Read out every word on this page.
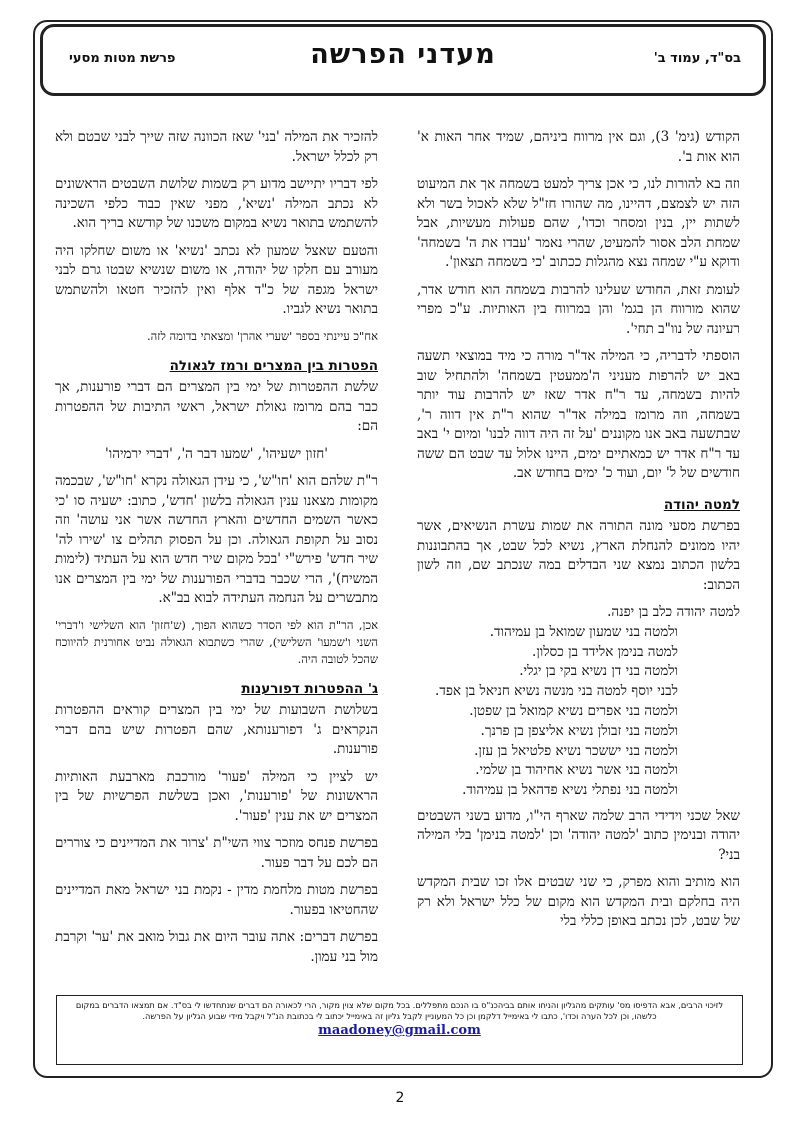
בס"ד, עמוד ב'
מעדני הפרשה
פרשת מטות מסעי

הקודש (גימ' 3), וגם אין מרווח ביניהם, שמיד אחר האות א' הוא אות ב'.

וזה בא להורות לנו, כי אכן צריך למעט בשמחה אך את המיעוט הזה יש לצמצם, דהיינו, מה שהורו חז"ל שלא לאכול בשר ולא לשתות יין, בנין ומסחר וכדו', שהם פעולות מעשיות, אבל שמחת הלב אסור להמעיט, שהרי נאמר 'עבדו את ה' בשמחה' ודוקא ע"י שמחה נצא מהגלות ככתוב 'כי בשמחה תצאון'.

לעומת זאת, החודש שעלינו להרבות בשמחה הוא חודש אדר, שהוא מורווח הן בגמ' והן במרווח בין האותיות. ע"כ מפרי רעיונה של נוו"ב תחי'.

הוספתי לדבריה, כי המילה אד"ר מורה כי מיד במוצאי תשעה באב יש להרפות מעניני ה'ממעטין בשמחה' ולהתחיל שוב להיות בשמחה, עד ר"ח אדר שאז יש להרבות עוד יותר בשמחה, וזה מרומז במילה אד"ר שהוא ר"ת אין דווה ר', שבתשעה באב אנו מקוננים 'על זה היה דווה לבנו' ומיום י' באב עד ר"ח אדר יש כמאתיים ימים, היינו אלול עד שבט הם ששה חודשים של ל' יום, ועוד כ' ימים בחודש אב.

למטה יהודה

בפרשת מסעי מונה התורה את שמות עשרת הנשיאים, אשר יהיו ממונים להנחלת הארץ, נשיא לכל שבט, אך בהתבוננות בלשון הכתוב נמצא שני הבדלים במה שנכתב שם, וזה לשון הכתוב:

למטה יהודה כלב בן יפנה.
ולמטה בני שמעון שמואל בן עמיהוד.
למטה בנימן אלידד בן כסלון.
ולמטה בני דן נשיא בקי בן יגלי.
לבני יוסף למטה בני מנשה נשיא חניאל בן אפד.
ולמטה בני אפרים נשיא קמואל בן שפטן.
ולמטה בני זבולן נשיא אליצפן בן פרנך.
ולמטה בני יששכר נשיא פלטיאל בן עזן.
ולמטה בני אשר נשיא אחיהוד בן שלמי.
ולמטה בני נפתלי נשיא פדהאל בן עמיהוד.

שאל שכני וידידי הרב שלמה שארף הי"ו, מדוע בשני השבטים יהודה ובנימין כתוב 'למטה יהודה' וכן 'למטה בנימן' בלי המילה בני?

הוא מותיב והוא מפרק, כי שני שבטים אלו זכו שבית המקדש היה בחלקם ובית המקדש הוא מקום של כלל ישראל ולא רק של שבט, לכן נכתב באופן כללי בלי

להזכיר את המילה 'בני' שאז הכוונה שזה שייך לבני שבטם ולא רק לכלל ישראל.

לפי דבריו יתיישב מדוע רק בשמות שלושת השבטים הראשונים לא נכתב המילה 'נשיא', מפני שאין כבוד כלפי השכינה להשתמש בתואר נשיא במקום משכנו של קודשא בריך הוא.

והטעם שאצל שמעון לא נכתב 'נשיא' או משום שחלקו היה מעורב עם חלקו של יהודה, או משום שנשיא שבטו גרם לבני ישראל מגפה של כ"ד אלף ואין להזכיר חטאו ולהשתמש בתואר נשיא לגביו.

אח"כ עיינתי בספר 'שערי אהרן' ומצאתי בדומה לזה.

הפטרות בין המצרים ורמז לגאולה

שלשת ההפטרות של ימי בין המצרים הם דברי פורענות, אך כבר בהם מרומז גאולת ישראל, ראשי התיבות של ההפטרות הם:

'חזון ישעיהו', 'שמעו דבר ה', 'דברי ירמיהו'

ר"ת שלהם הוא 'חו"ש', כי עידן הגאולה נקרא 'חו"ש', שבכמה מקומות מצאנו ענין הגאולה בלשון 'חדש', כתוב: ישעיה סו 'כי כאשר השמים החדשים והארץ החדשה אשר אני עושה' וזה נסוב על תקופת הגאולה. וכן על הפסוק תהלים צו 'שירו לה' שיר חדש' פירש"י 'בכל מקום שיר חדש הוא על העתיד (לימות המשיח)', הרי שכבר בדברי הפורענות של ימי בין המצרים אנו מתבשרים על הנחמה העתידה לבוא בב"א.

אכן, הר"ת הוא לפי הסדר כשהוא הפוך, (ש'חזון' הוא השלישי ו'דברי' השני ו'שמעו' השלישי), שהרי כשתבוא הגאולה נביט אחורנית להיווכח שהכל לטובה היה.

ג' ההפטרות דפורענות

בשלושת השבועות של ימי בין המצרים קוראים ההפטרות הנקראים ג' דפורענותא, שהם הפטרות שיש בהם דברי פורענות.

יש לציין כי המילה 'פעור' מורכבת מארבעת האותיות הראשונות של 'פורענות', ואכן בשלשת הפרשיות של בין המצרים יש את ענין 'פעור'.

בפרשת פנחס מוזכר צווי השי"ת 'צרור את המדיינים כי צוררים הם לכם על דבר פעור.

בפרשת מטות מלחמת מדין - נקמת בני ישראל מאת המדיינים שהחטיאו בפעור.

בפרשת דברים: אתה עובר היום את גבול מואב את 'ער' וקרבת מול בני עמון.

לזיכוי הרבים, אבא הדפיסו מס' עותקים מהגליון והניחו אותם בביהכנ"ס בו הנכם מתפללים. בכל מקום שלא צוין מקור, הרי לכאורה הם דברים שנתחדשו לי בס"ד. אם תמצאו הדברים במקום כלשהו, וכן לכל הערה וכדו', כתבו לי באימייל דלקמן וכן כל המעוניין לקבל גליון זה באימייל יכתוב לי בכתובת הנ"ל ויקבל מידי שבוע הגליון על הפרשה.
maadoney@gmail.com
2
